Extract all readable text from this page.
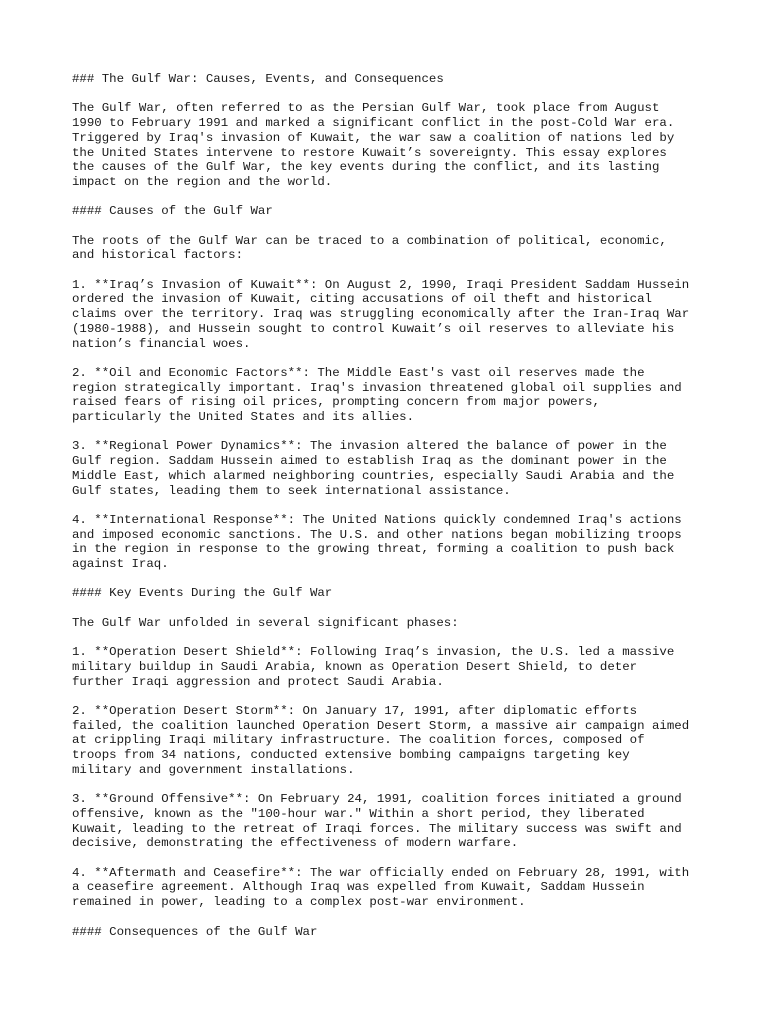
### The Gulf War: Causes, Events, and Consequences

The Gulf War, often referred to as the Persian Gulf War, took place from August
1990 to February 1991 and marked a significant conflict in the post-Cold War era.
Triggered by Iraq's invasion of Kuwait, the war saw a coalition of nations led by
the United States intervene to restore Kuwait’s sovereignty. This essay explores
the causes of the Gulf War, the key events during the conflict, and its lasting
impact on the region and the world.

#### Causes of the Gulf War

The roots of the Gulf War can be traced to a combination of political, economic,
and historical factors:

1. **Iraq’s Invasion of Kuwait**: On August 2, 1990, Iraqi President Saddam Hussein
ordered the invasion of Kuwait, citing accusations of oil theft and historical
claims over the territory. Iraq was struggling economically after the Iran-Iraq War
(1980-1988), and Hussein sought to control Kuwait’s oil reserves to alleviate his
nation’s financial woes.

2. **Oil and Economic Factors**: The Middle East's vast oil reserves made the
region strategically important. Iraq's invasion threatened global oil supplies and
raised fears of rising oil prices, prompting concern from major powers,
particularly the United States and its allies.

3. **Regional Power Dynamics**: The invasion altered the balance of power in the
Gulf region. Saddam Hussein aimed to establish Iraq as the dominant power in the
Middle East, which alarmed neighboring countries, especially Saudi Arabia and the
Gulf states, leading them to seek international assistance.

4. **International Response**: The United Nations quickly condemned Iraq's actions
and imposed economic sanctions. The U.S. and other nations began mobilizing troops
in the region in response to the growing threat, forming a coalition to push back
against Iraq.

#### Key Events During the Gulf War

The Gulf War unfolded in several significant phases:

1. **Operation Desert Shield**: Following Iraq’s invasion, the U.S. led a massive
military buildup in Saudi Arabia, known as Operation Desert Shield, to deter
further Iraqi aggression and protect Saudi Arabia.

2. **Operation Desert Storm**: On January 17, 1991, after diplomatic efforts
failed, the coalition launched Operation Desert Storm, a massive air campaign aimed
at crippling Iraqi military infrastructure. The coalition forces, composed of
troops from 34 nations, conducted extensive bombing campaigns targeting key
military and government installations.

3. **Ground Offensive**: On February 24, 1991, coalition forces initiated a ground
offensive, known as the "100-hour war." Within a short period, they liberated
Kuwait, leading to the retreat of Iraqi forces. The military success was swift and
decisive, demonstrating the effectiveness of modern warfare.

4. **Aftermath and Ceasefire**: The war officially ended on February 28, 1991, with
a ceasefire agreement. Although Iraq was expelled from Kuwait, Saddam Hussein
remained in power, leading to a complex post-war environment.

#### Consequences of the Gulf War
